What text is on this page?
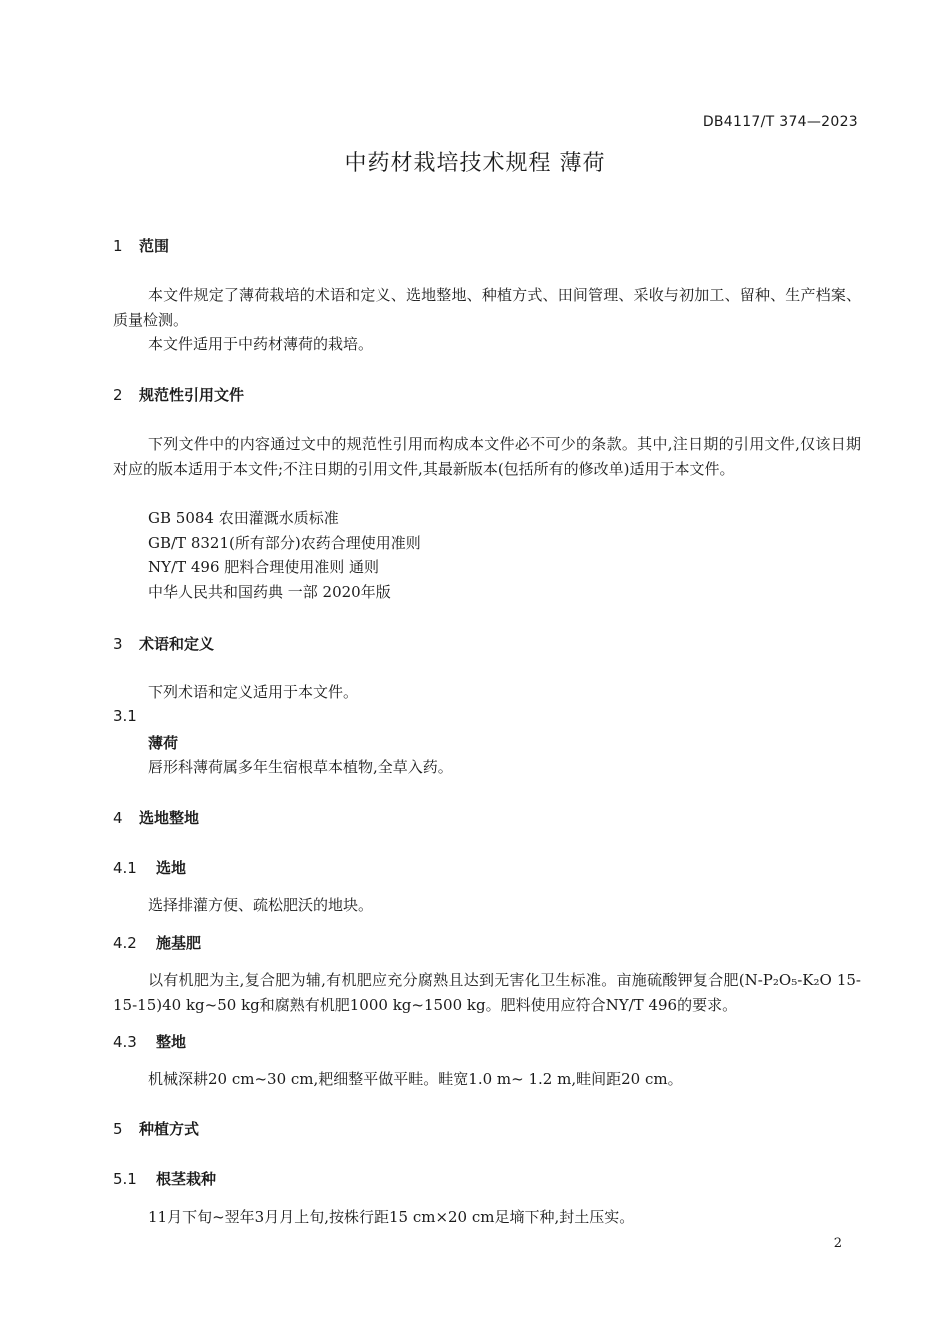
DB4117/T 374—2023
中药材栽培技术规程 薄荷
1 范围
本文件规定了薄荷栽培的术语和定义、选地整地、种植方式、田间管理、采收与初加工、留种、生产档案、质量检测。
本文件适用于中药材薄荷的栽培。
2 规范性引用文件
下列文件中的内容通过文中的规范性引用而构成本文件必不可少的条款。其中,注日期的引用文件,仅该日期对应的版本适用于本文件;不注日期的引用文件,其最新版本(包括所有的修改单)适用于本文件。
GB 5084 农田灌溉水质标准
GB/T 8321(所有部分)农药合理使用准则
NY/T 496 肥料合理使用准则 通则
中华人民共和国药典 一部 2020年版
3 术语和定义
下列术语和定义适用于本文件。
3.1
薄荷
唇形科薄荷属多年生宿根草本植物,全草入药。
4 选地整地
4.1 选地
选择排灌方便、疏松肥沃的地块。
4.2 施基肥
以有机肥为主,复合肥为辅,有机肥应充分腐熟且达到无害化卫生标准。亩施硫酸钾复合肥(N-P₂O₅-K₂O 15-15-15)40 kg~50 kg和腐熟有机肥1000 kg~1500 kg。肥料使用应符合NY/T 496的要求。
4.3 整地
机械深耕20 cm~30 cm,耙细整平做平畦。畦宽1.0 m~ 1.2 m,畦间距20 cm。
5 种植方式
5.1 根茎栽种
11月下旬~翌年3月月上旬,按株行距15 cm×20 cm足墒下种,封土压实。
2
